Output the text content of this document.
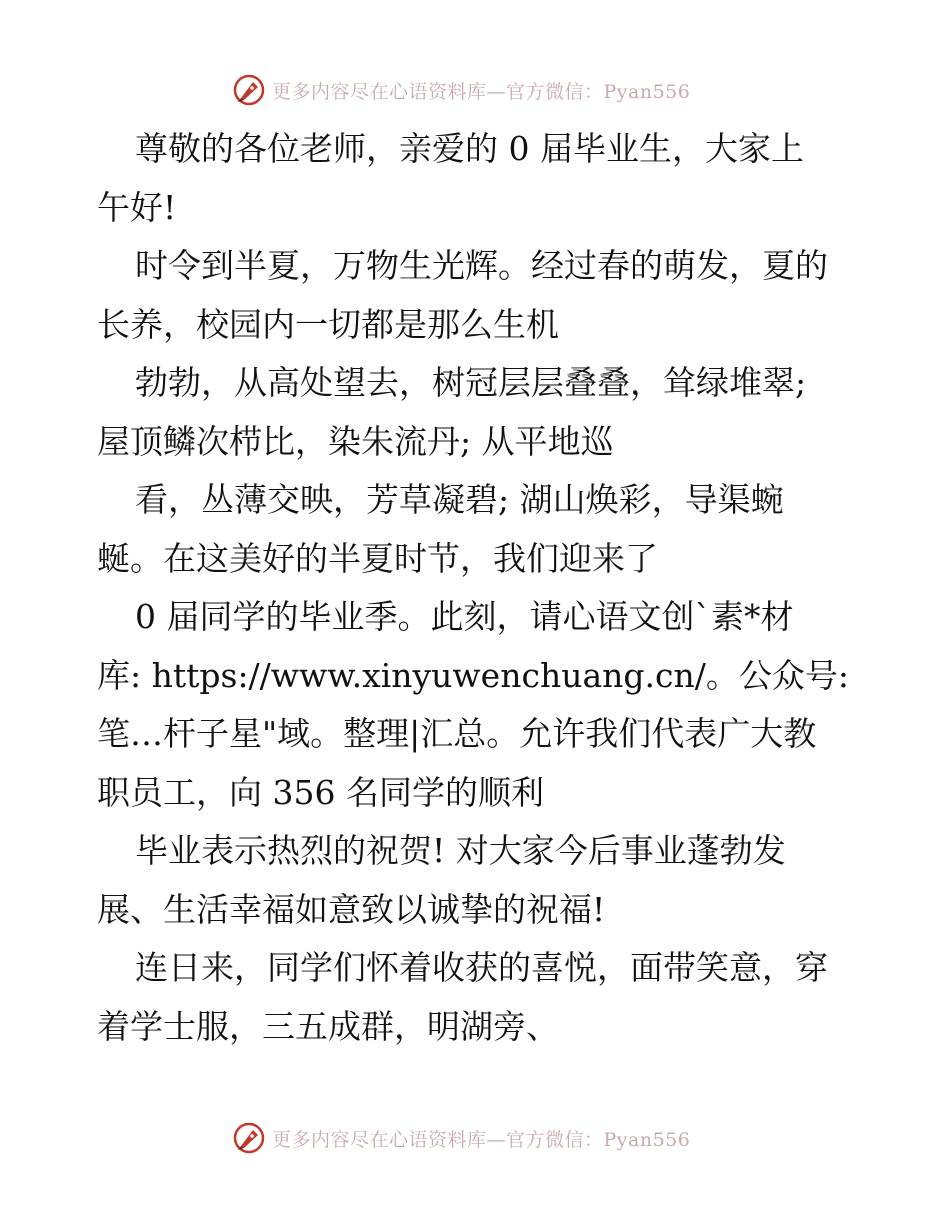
更多内容尽在心语资料库—官方微信：Pyan556
尊敬的各位老师，亲爱的 0 届毕业生，大家上
午好!
时令到半夏，万物生光辉。经过春的萌发，夏的
长养，校园内一切都是那么生机
勃勃，从高处望去，树冠层层叠叠，耸绿堆翠;
屋顶鳞次栉比，染朱流丹; 从平地巡
看，丛薄交映，芳草凝碧; 湖山焕彩，导渠蜿
蜒。在这美好的半夏时节，我们迎来了
0 届同学的毕业季。此刻，请心语文创`素*材
库: https://www.xinyuwenchuang.cn/。公众号:
笔…杆子星"域。整理|汇总。允许我们代表广大教
职员工，向 356 名同学的顺利
毕业表示热烈的祝贺! 对大家今后事业蓬勃发
展、生活幸福如意致以诚挚的祝福!
连日来，同学们怀着收获的喜悦，面带笑意，穿
着学士服，三五成群，明湖旁、
更多内容尽在心语资料库—官方微信：Pyan556
